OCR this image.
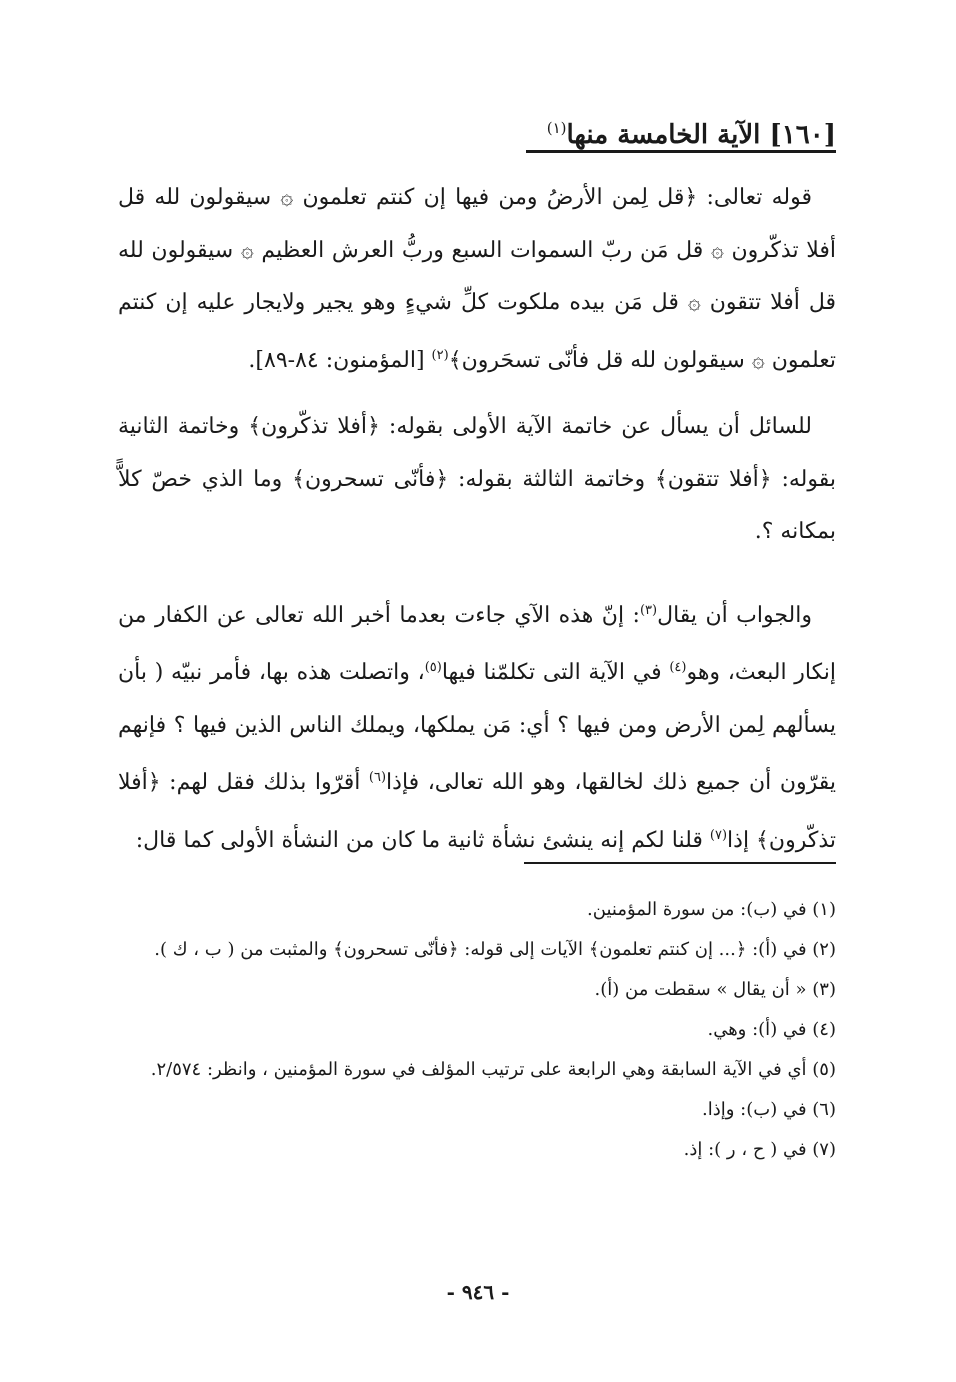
[١٦٠] الآية الخامسة منها$^{(١)}$

قوله تعالى: ﴿قل لِمن الأرضُ ومن فيها إن كنتم تعلمون ۞ سيقولون لله قل أفلا تذكّرون ۞ قل مَن ربّ السموات السبع وربُّ العرش العظيم ۞ سيقولون لله قل أفلا تتقون ۞ قل مَن بيده ملكوت كلِّ شيءٍ وهو يجير ولايجار عليه إن كنتم تعلمون ۞ سيقولون لله قل فأنّى تسحَرون﴾$^{(٢)}$ [المؤمنون: ٨٤-٨٩].

للسائل أن يسأل عن خاتمة الآية الأولى بقوله: ﴿أفلا تذكّرون﴾ وخاتمة الثانية بقوله: ﴿أفلا تتقون﴾ وخاتمة الثالثة بقوله: ﴿فأنّى تسحرون﴾ وما الذي خصّ كلاًّ بمكانه ؟.

والجواب أن يقال$^{(٣)}$: إنّ هذه الآي جاءت بعدما أخبر الله تعالى عن الكفار من إنكار البعث، وهو$^{(٤)}$ في الآية التى تكلمّنا فيها$^{(٥)}$، واتصلت هذه بها، فأمر نبيّه ( بأن يسألهم لِمن الأرض ومن فيها ؟ أي: مَن يملكها، ويملك الناس الذين فيها ؟ فإنهم يقرّون أن جميع ذلك لخالقها، وهو الله تعالى، فإذا$^{(٦)}$ أقرّوا بذلك فقل لهم: ﴿أفلا تذكّرون﴾ إذا$^{(٧)}$ قلنا لكم إنه ينشئ نشأة ثانية ما كان من النشأة الأولى كما قال:

(١) في (ب): من سورة المؤمنين.

(٢) في (أ): ﴿... إن كنتم تعلمون﴾ الآيات إلى قوله: ﴿فأنّى تسحرون﴾ والمثبت من ( ب ، ك ).

(٣) « أن يقال » سقطت من (أ).

(٤) في (أ): وهي.

(٥) أي في الآية السابقة وهي الرابعة على ترتيب المؤلف في سورة المؤمنين ، وانظر: ٢/٥٧٤.

(٦) في (ب): وإذا.

(٧) في ( ح ، ر ): إذ.

- ٩٤٦ -
